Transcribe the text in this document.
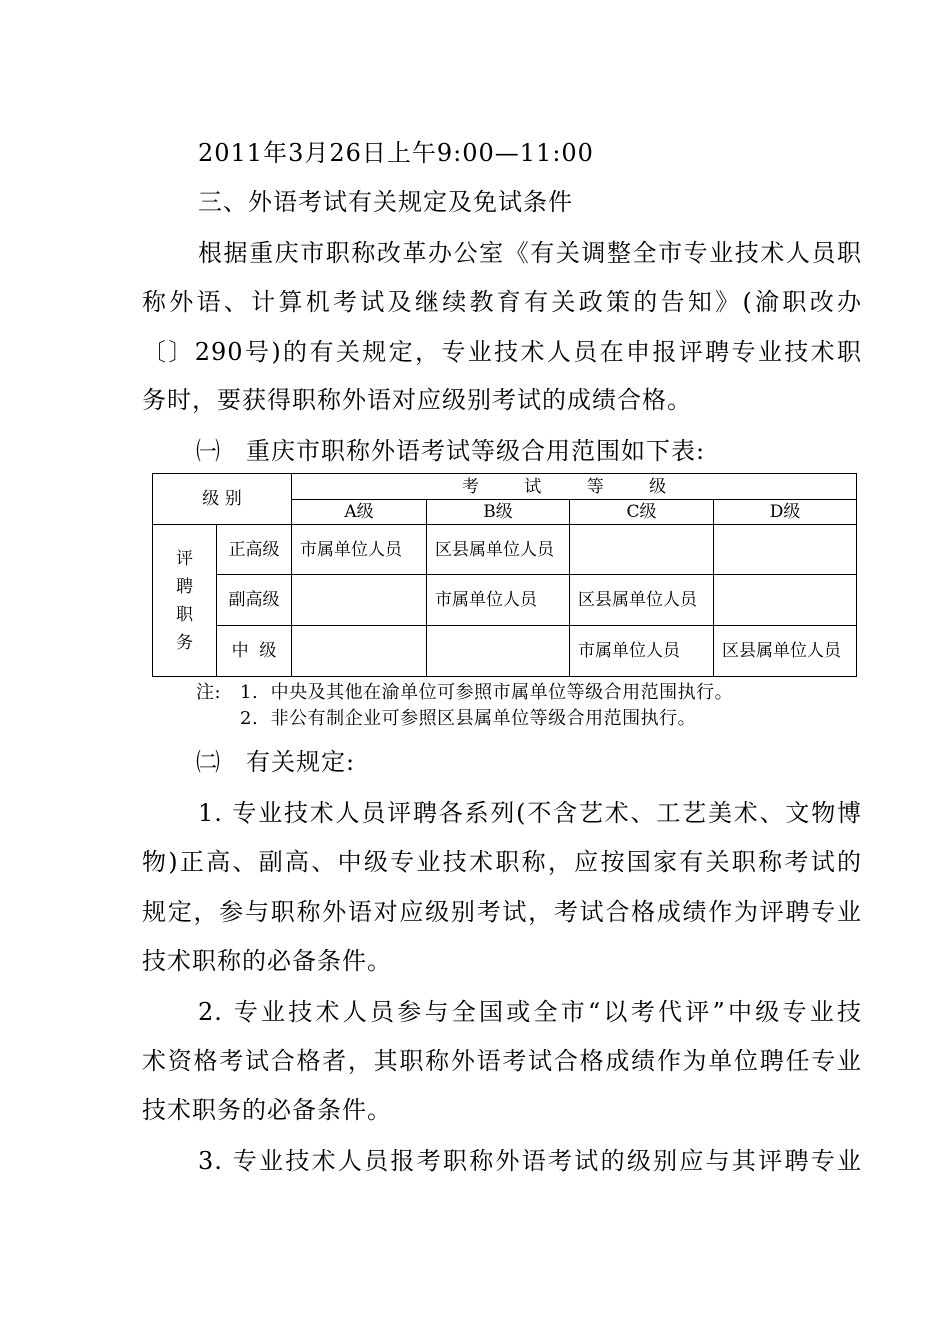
2011年3月26日上午9:00—11:00
三、外语考试有关规定及免试条件
根据重庆市职称改革办公室《有关调整全市专业技术人员职
称外语、计算机考试及继续教育有关政策的告知》(渝职改办
〔〕290号)的有关规定，专业技术人员在申报评聘专业技术职
务时，要获得职称外语对应级别考试的成绩合格。
㈠　重庆市职称外语考试等级合用范围如下表:
级 别		考 试 等 级			
		A级	B级	C级	D级
评聘职务	正高级	市属单位人员	区县属单位人员		
	副高级		市属单位人员	区县属单位人员	
	中  级			市属单位人员	区县属单位人员
注: 1.  中央及其他在渝单位可参照市属单位等级合用范围执行。
2.  非公有制企业可参照区县属单位等级合用范围执行。
㈡　有关规定:
1. 专业技术人员评聘各系列(不含艺术、工艺美术、文物博
物)正高、副高、中级专业技术职称，应按国家有关职称考试的
规定，参与职称外语对应级别考试，考试合格成绩作为评聘专业
技术职称的必备条件。
2. 专业技术人员参与全国或全市“以考代评”中级专业技
术资格考试合格者，其职称外语考试合格成绩作为单位聘任专业
技术职务的必备条件。
3. 专业技术人员报考职称外语考试的级别应与其评聘专业
